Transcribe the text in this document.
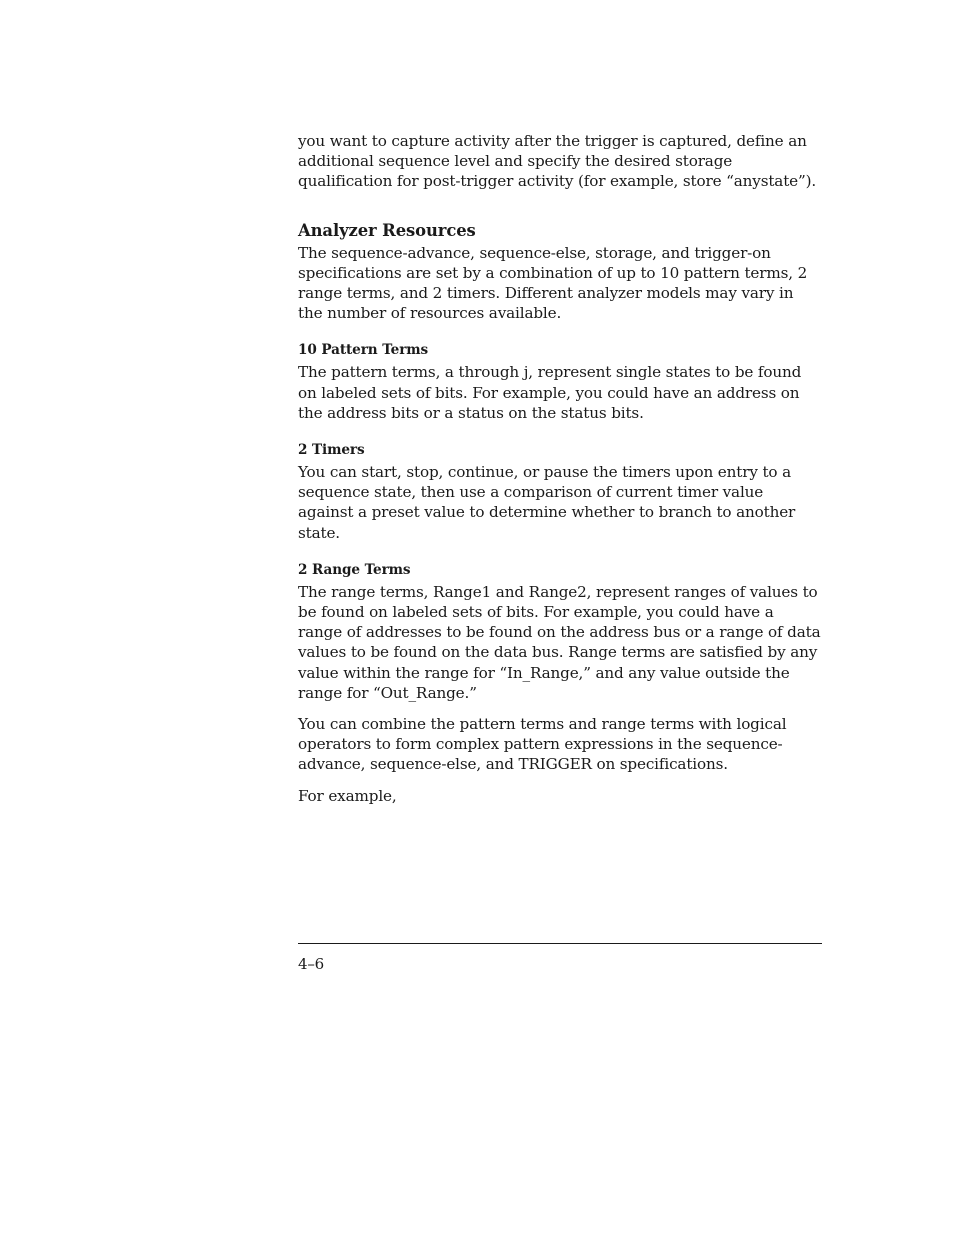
you want to capture activity after the trigger is captured, define an additional sequence level and specify the desired storage qualification for post-trigger activity (for example, store “anystate”).

Analyzer Resources

The sequence-advance, sequence-else, storage, and trigger-on specifications are set by a combination of up to 10 pattern terms, 2 range terms, and 2 timers. Different analyzer models may vary in the number of resources available.

10 Pattern Terms

The pattern terms, a through j, represent single states to be found on labeled sets of bits. For example, you could have an address on the address bits or a status on the status bits.

2 Timers

You can start, stop, continue, or pause the timers upon entry to a sequence state, then use a comparison of current timer value against a preset value to determine whether to branch to another state.

2 Range Terms

The range terms, Range1 and Range2, represent ranges of values to be found on labeled sets of bits. For example, you could have a range of addresses to be found on the address bus or a range of data values to be found on the data bus. Range terms are satisfied by any value within the range for “In_Range,” and any value outside the range for “Out_Range.”

You can combine the pattern terms and range terms with logical operators to form complex pattern expressions in the sequence-advance, sequence-else, and TRIGGER on specifications.

For example,

4–6
